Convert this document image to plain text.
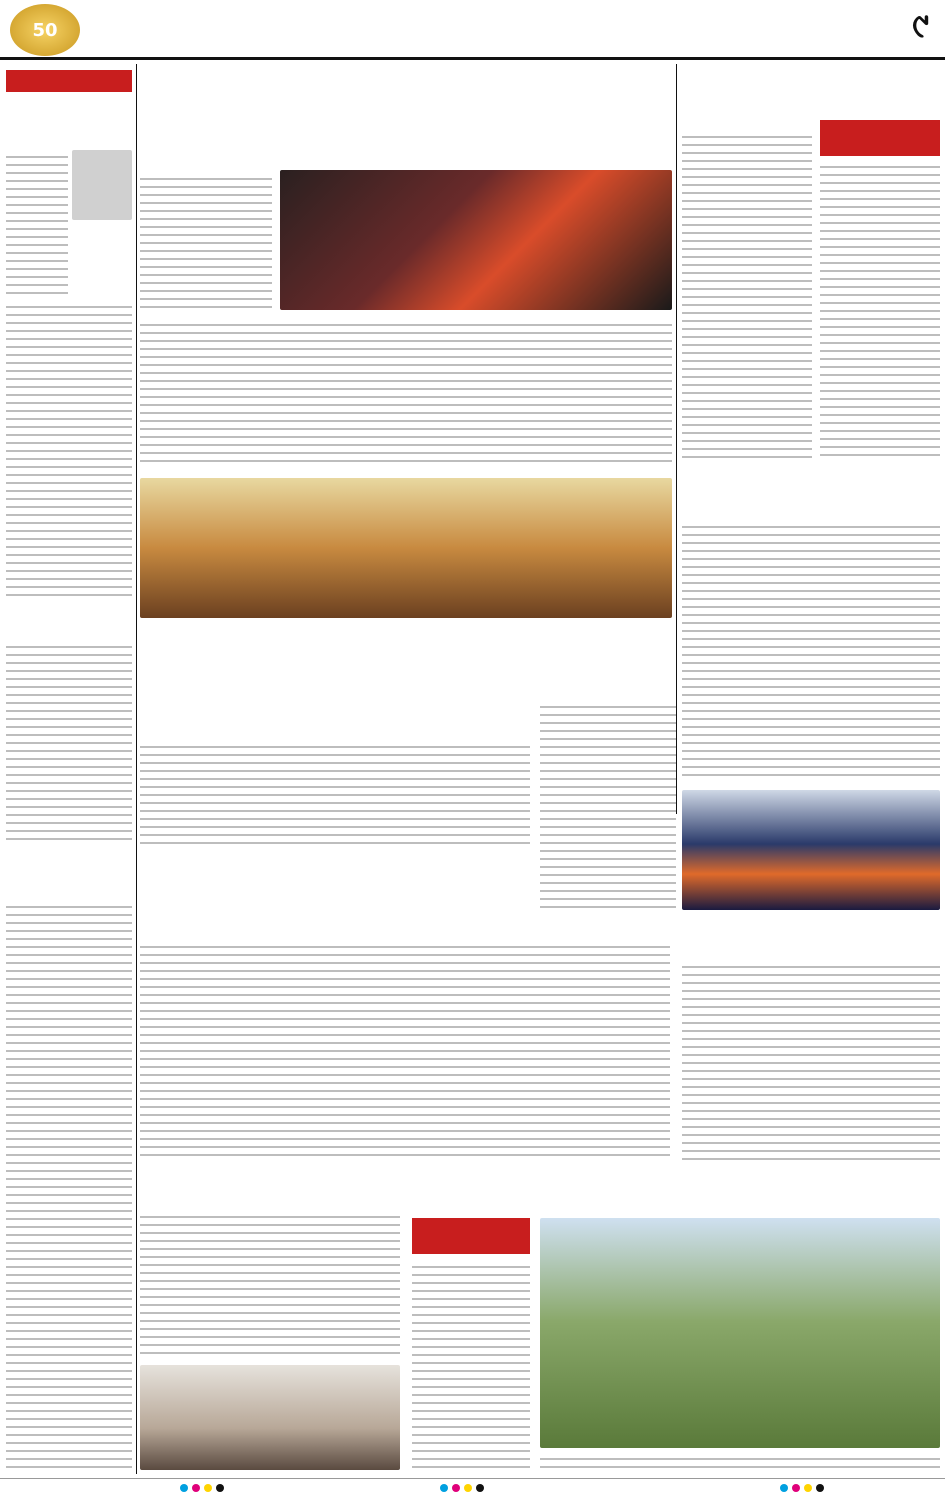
50	୯
